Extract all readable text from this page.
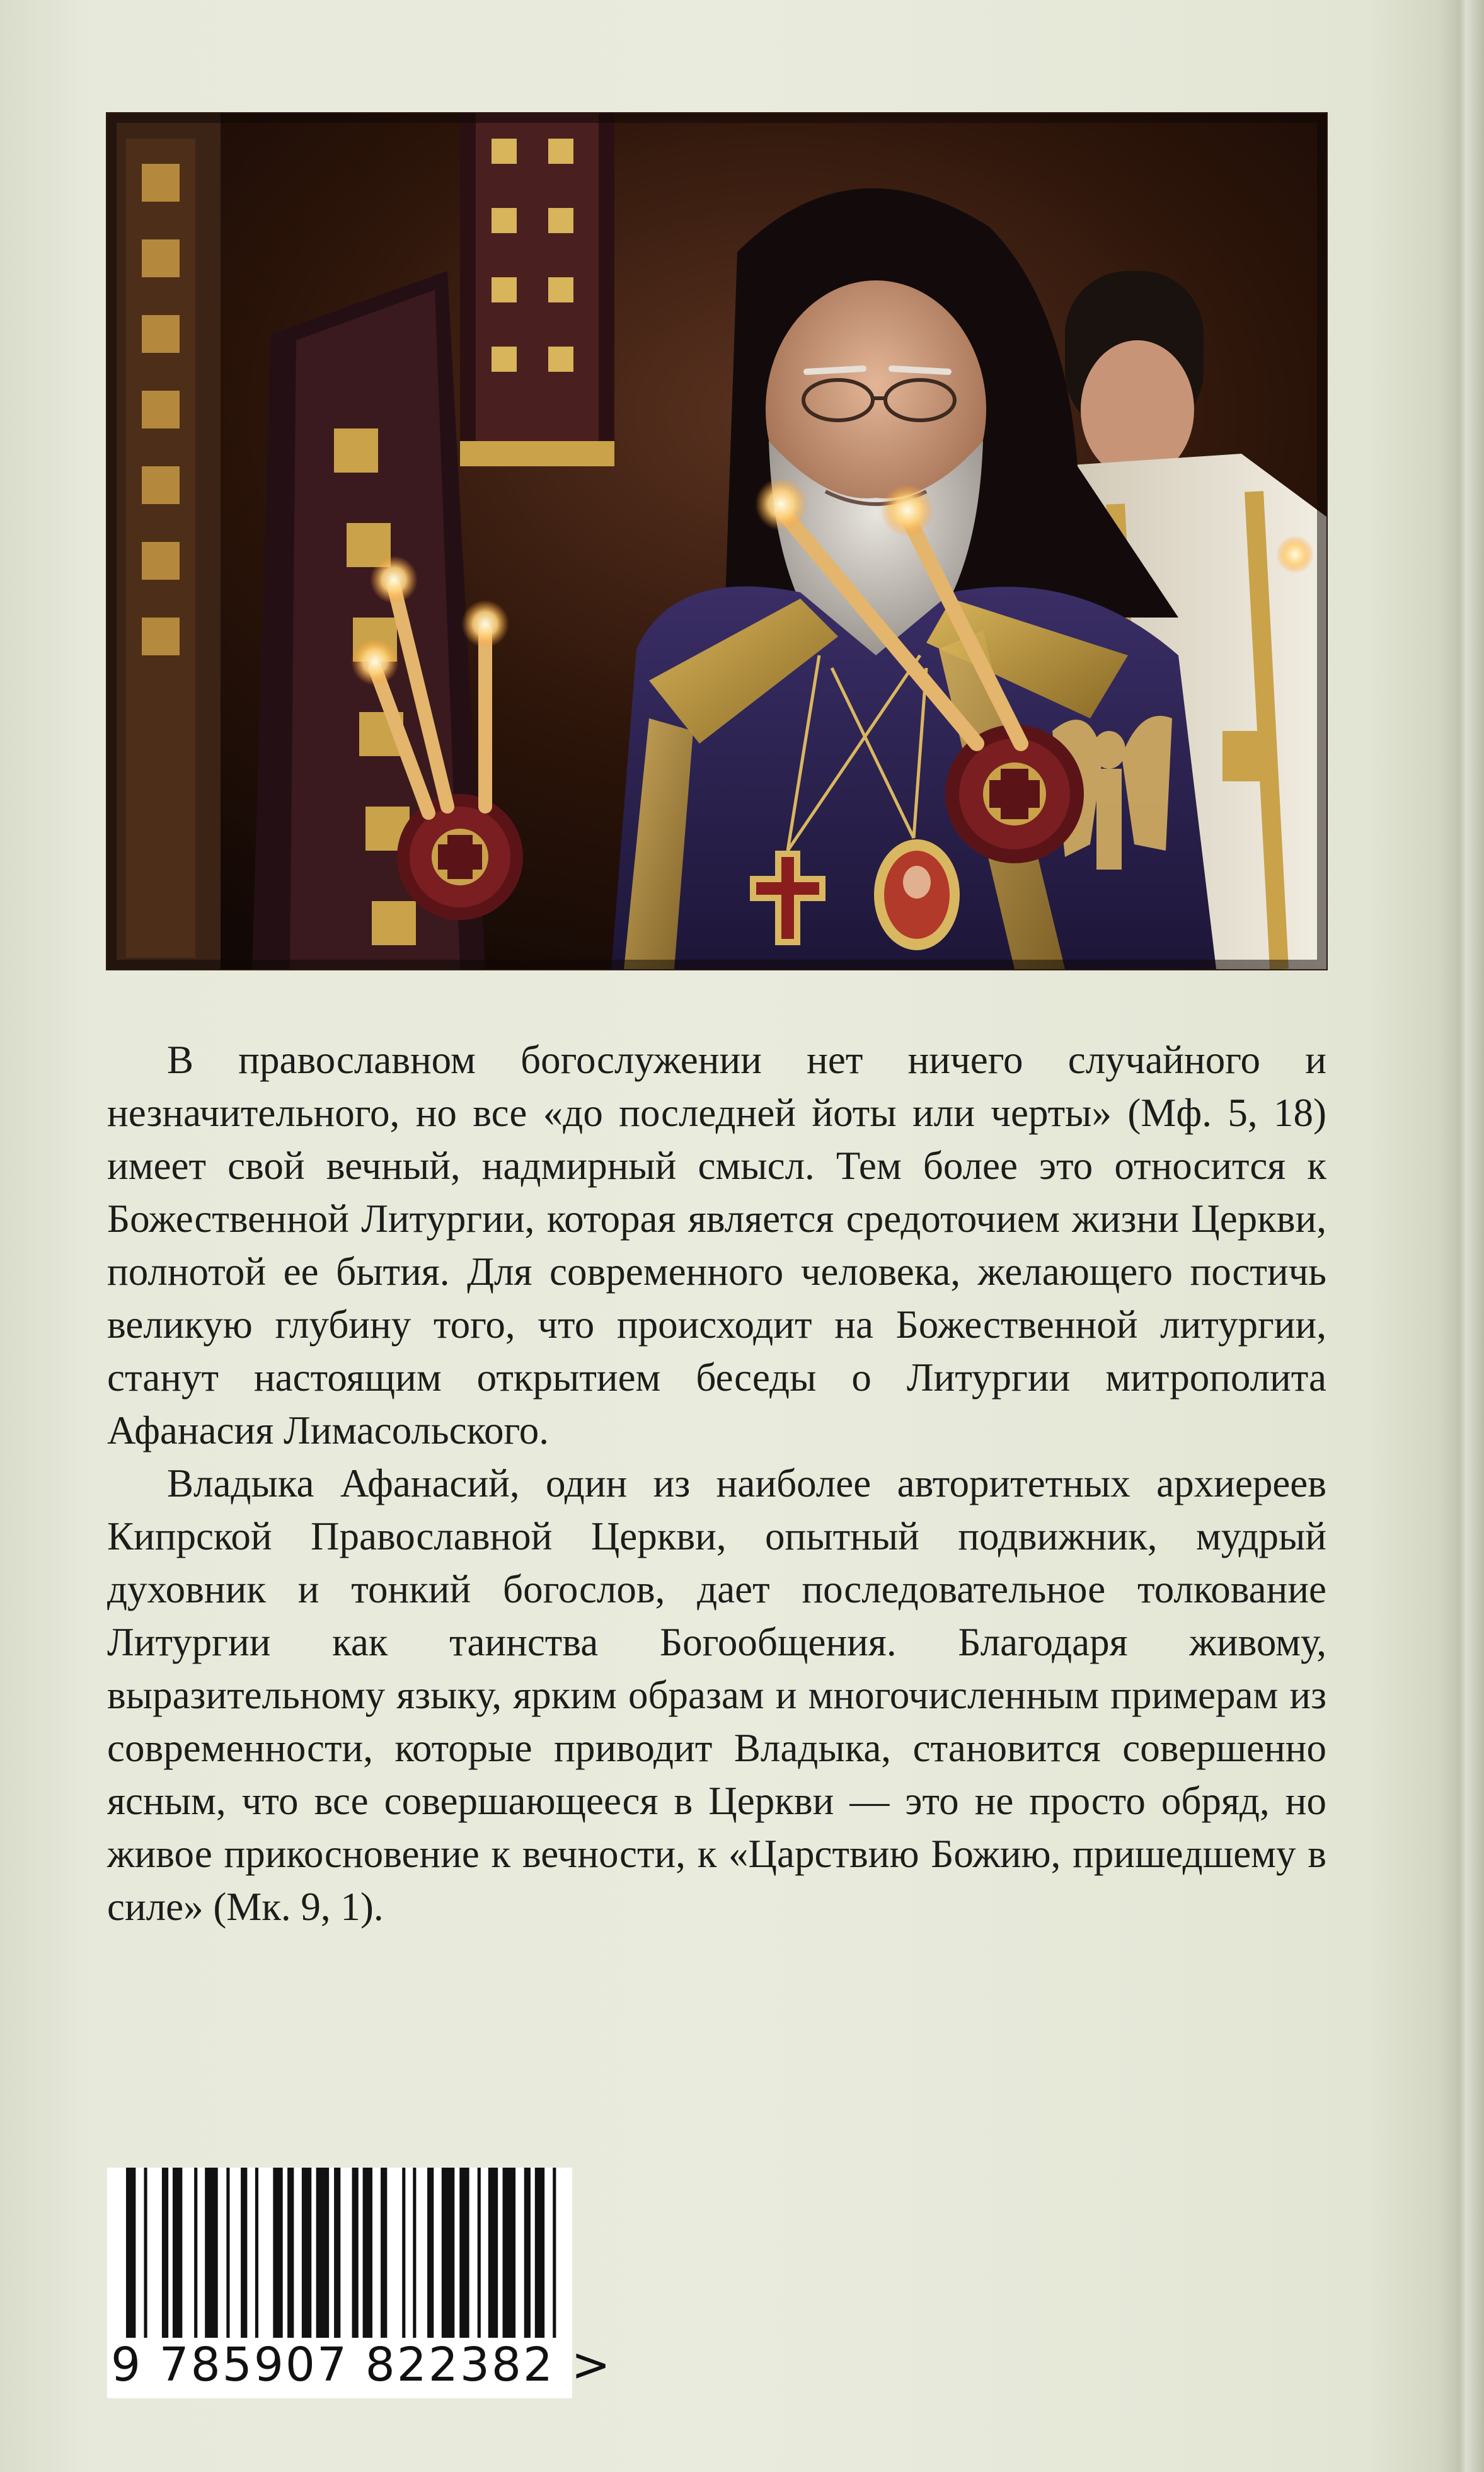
В православном богослужении нет ничего случайного и незначительного, но все «до последней йоты или черты» (Мф. 5, 18) имеет свой вечный, надмирный смысл. Тем более это относится к Божественной Литургии, которая является средоточием жизни Церкви, полнотой ее бытия. Для современного человека, желающего постичь великую глубину того, что происходит на Божественной литургии, станут настоящим открытием беседы о Литургии митрополита Афанасия Лимасольского.

Владыка Афанасий, один из наиболее авторитетных архиереев Кипрской Православной Церкви, опытный подвижник, мудрый духовник и тонкий богослов, дает последовательное толкование Литургии как таинства Богообщения. Благодаря живому, выразительному языку, ярким образам и многочисленным примерам из современности, которые приводит Владыка, становится совершенно ясным, что все совершающееся в Церкви — это не просто обряд, но живое прикосновение к вечности, к «Царствию Божию, пришедшему в силе» (Мк. 9, 1).

9 785907 822382 >
